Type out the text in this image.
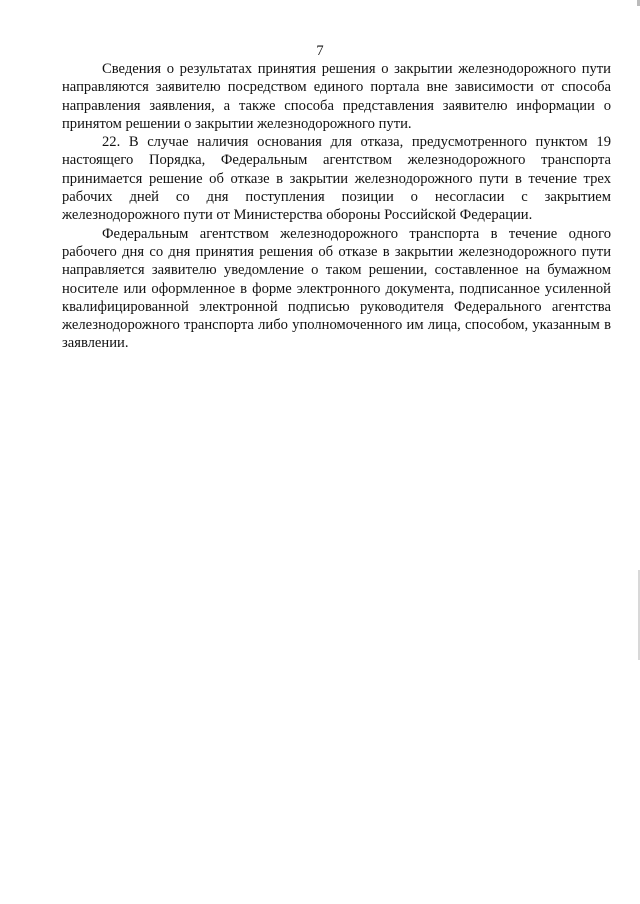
7

Сведения о результатах принятия решения о закрытии железнодорожного пути направляются заявителю посредством единого портала вне зависимости от способа направления заявления, а также способа представления заявителю информации о принятом решении о закрытии железнодорожного пути.

22. В случае наличия основания для отказа, предусмотренного пунктом 19 настоящего Порядка, Федеральным агентством железнодорожного транспорта принимается решение об отказе в закрытии железнодорожного пути в течение трех рабочих дней со дня поступления позиции о несогласии с закрытием железнодорожного пути от Министерства обороны Российской Федерации.

Федеральным агентством железнодорожного транспорта в течение одного рабочего дня со дня принятия решения об отказе в закрытии железнодорожного пути направляется заявителю уведомление о таком решении, составленное на бумажном носителе или оформленное в форме электронного документа, подписанное усиленной квалифицированной электронной подписью руководителя Федерального агентства железнодорожного транспорта либо уполномоченного им лица, способом, указанным в заявлении.
